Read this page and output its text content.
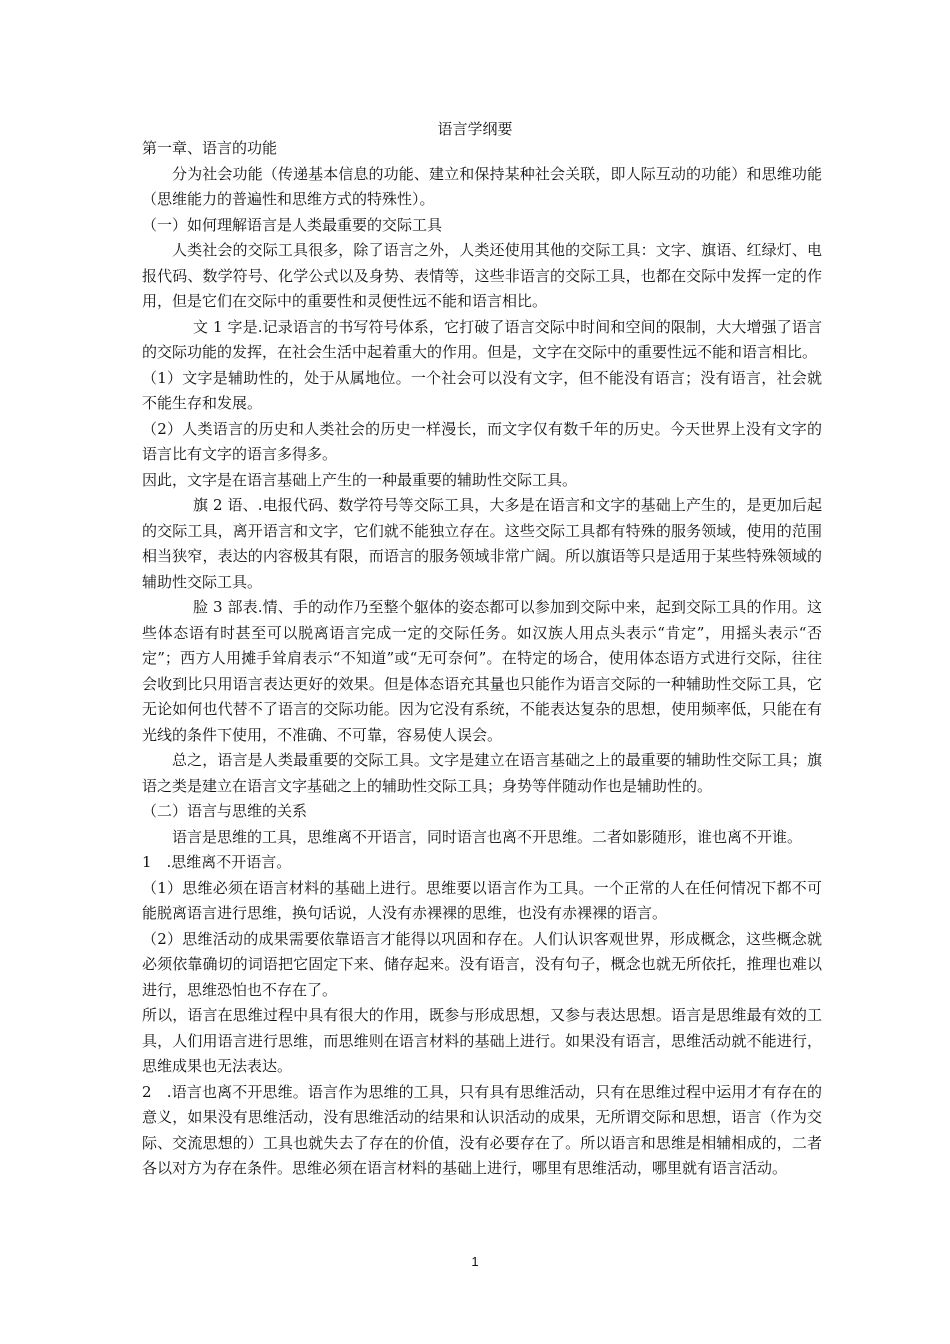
语言学纲要

第一章、语言的功能

分为社会功能（传递基本信息的功能、建立和保持某种社会关联，即人际互动的功能）和思维功能（思维能力的普遍性和思维方式的特殊性）。

（一）如何理解语言是人类最重要的交际工具

人类社会的交际工具很多，除了语言之外，人类还使用其他的交际工具：文字、旗语、红绿灯、电报代码、数学符号、化学公式以及身势、表情等，这些非语言的交际工具，也都在交际中发挥一定的作用，但是它们在交际中的重要性和灵便性远不能和语言相比。

文 1 字是.记录语言的书写符号体系，它打破了语言交际中时间和空间的限制，大大增强了语言的交际功能的发挥，在社会生活中起着重大的作用。但是，文字在交际中的重要性远不能和语言相比。

（1）文字是辅助性的，处于从属地位。一个社会可以没有文字，但不能没有语言；没有语言，社会就不能生存和发展。

（2）人类语言的历史和人类社会的历史一样漫长，而文字仅有数千年的历史。今天世界上没有文字的语言比有文字的语言多得多。

因此，文字是在语言基础上产生的一种最重要的辅助性交际工具。

旗 2 语、.电报代码、数学符号等交际工具，大多是在语言和文字的基础上产生的，是更加后起的交际工具，离开语言和文字，它们就不能独立存在。这些交际工具都有特殊的服务领域，使用的范围相当狭窄，表达的内容极其有限，而语言的服务领域非常广阔。所以旗语等只是适用于某些特殊领域的辅助性交际工具。

脸 3 部表.情、手的动作乃至整个躯体的姿态都可以参加到交际中来，起到交际工具的作用。这些体态语有时甚至可以脱离语言完成一定的交际任务。如汉族人用点头表示“肯定”，用摇头表示“否定”；西方人用摊手耸肩表示“不知道”或“无可奈何”。在特定的场合，使用体态语方式进行交际，往往会收到比只用语言表达更好的效果。但是体态语充其量也只能作为语言交际的一种辅助性交际工具，它无论如何也代替不了语言的交际功能。因为它没有系统，不能表达复杂的思想，使用频率低，只能在有光线的条件下使用，不准确、不可靠，容易使人误会。

总之，语言是人类最重要的交际工具。文字是建立在语言基础之上的最重要的辅助性交际工具；旗语之类是建立在语言文字基础之上的辅助性交际工具；身势等伴随动作也是辅助性的。

（二）语言与思维的关系

语言是思维的工具，思维离不开语言，同时语言也离不开思维。二者如影随形，谁也离不开谁。

1　.思维离不开语言。

（1）思维必须在语言材料的基础上进行。思维要以语言作为工具。一个正常的人在任何情况下都不可能脱离语言进行思维，换句话说，人没有赤裸裸的思维，也没有赤裸裸的语言。

（2）思维活动的成果需要依靠语言才能得以巩固和存在。人们认识客观世界，形成概念，这些概念就必须依靠确切的词语把它固定下来、储存起来。没有语言，没有句子，概念也就无所依托，推理也难以进行，思维恐怕也不存在了。

所以，语言在思维过程中具有很大的作用，既参与形成思想，又参与表达思想。语言是思维最有效的工具，人们用语言进行思维，而思维则在语言材料的基础上进行。如果没有语言，思维活动就不能进行，思维成果也无法表达。

2　.语言也离不开思维。语言作为思维的工具，只有具有思维活动，只有在思维过程中运用才有存在的意义，如果没有思维活动，没有思维活动的结果和认识活动的成果，无所谓交际和思想，语言（作为交际、交流思想的）工具也就失去了存在的价值，没有必要存在了。所以语言和思维是相辅相成的，二者各以对方为存在条件。思维必须在语言材料的基础上进行，哪里有思维活动，哪里就有语言活动。

1
